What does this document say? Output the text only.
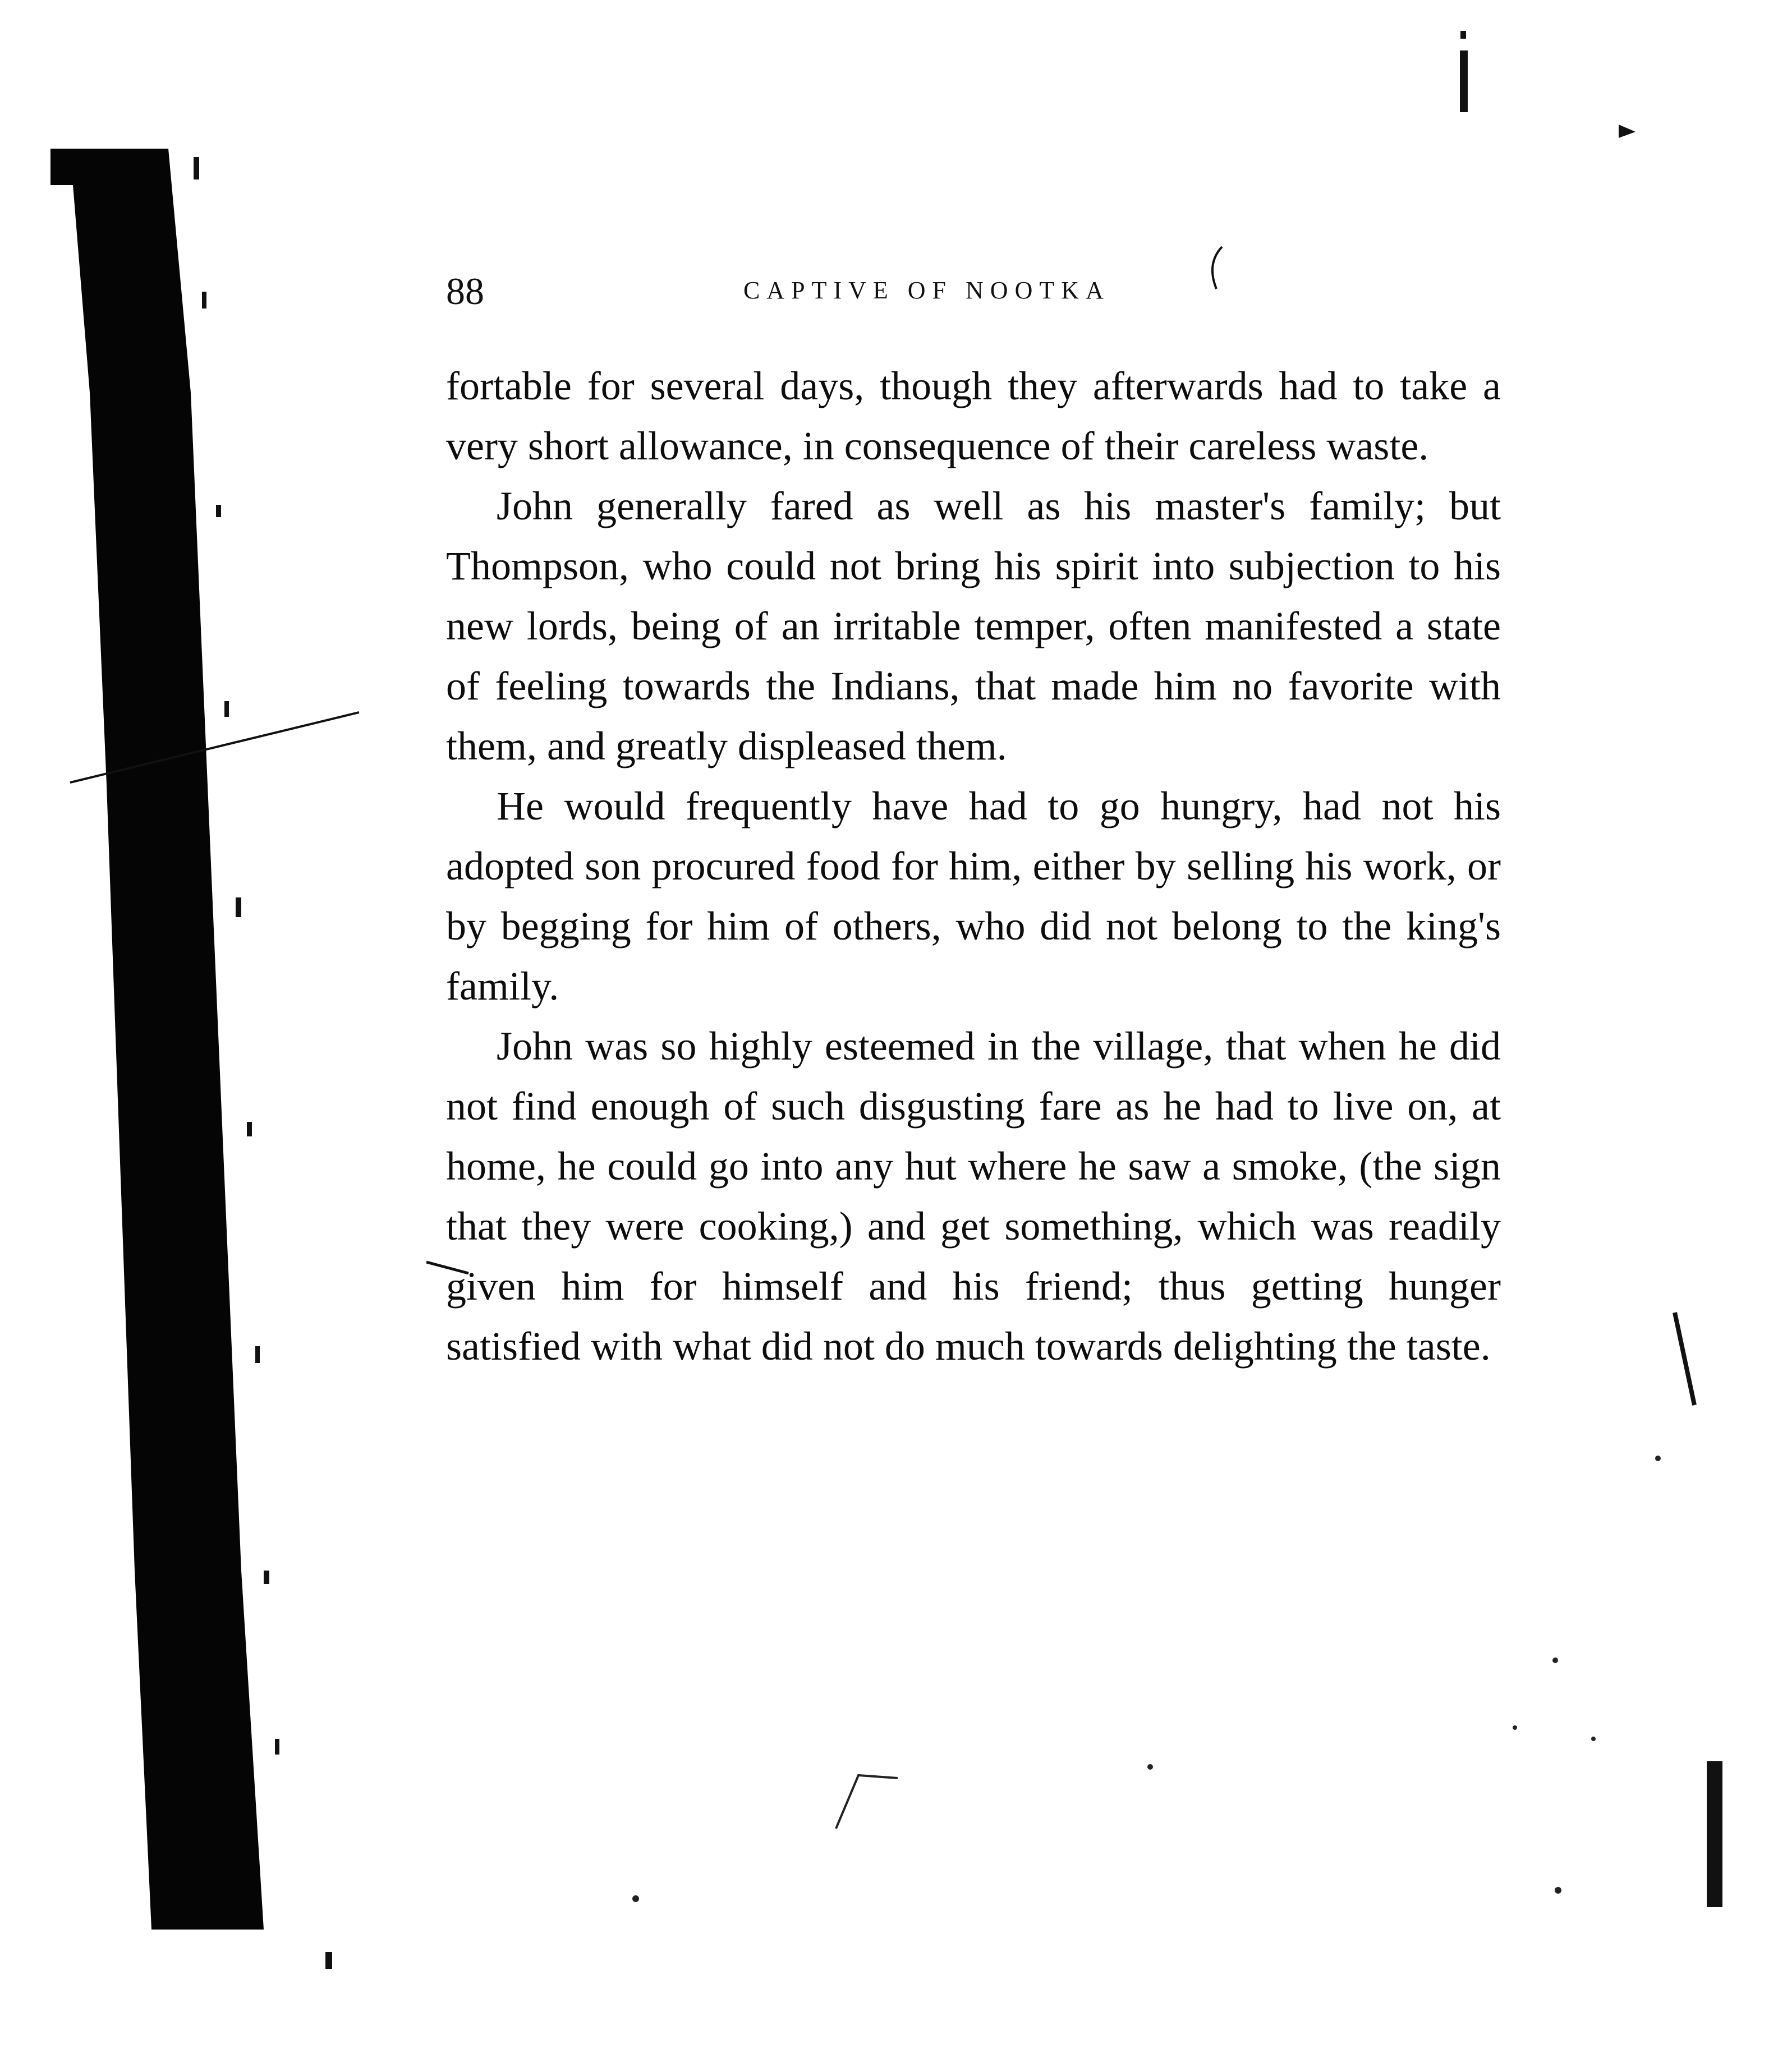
88	CAPTIVE OF NOOTKA

fortable for several days, though they afterwards had to take a very short allowance, in consequence of their careless waste.

John generally fared as well as his master's family; but Thompson, who could not bring his spirit into subjection to his new lords, being of an irritable temper, often manifested a state of feeling towards the Indians, that made him no favorite with them, and greatly displeased them.

He would frequently have had to go hungry, had not his adopted son procured food for him, either by selling his work, or by begging for him of others, who did not belong to the king's family.

John was so highly esteemed in the village, that when he did not find enough of such disgusting fare as he had to live on, at home, he could go into any hut where he saw a smoke, (the sign that they were cooking,) and get something, which was readily given him for himself and his friend; thus getting hunger satisfied with what did not do much towards delighting the taste.
